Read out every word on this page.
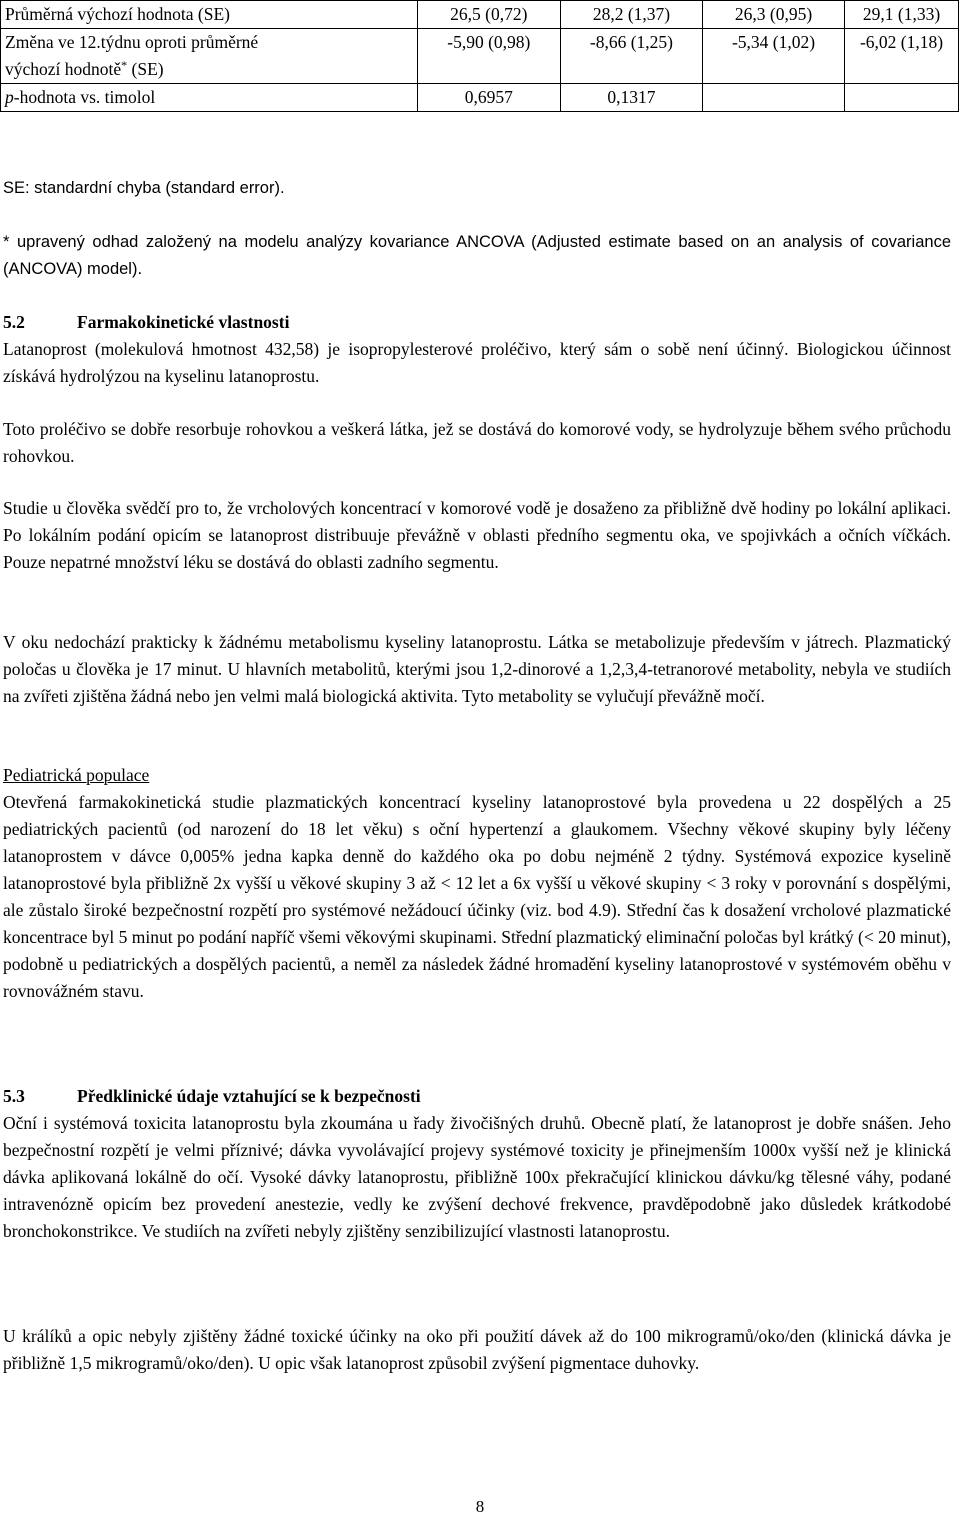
Průměrná výchozí hodnota (SE)	26,5 (0,72)	28,2 (1,37)	26,3 (0,95)	29,1 (1,33)
Změna ve 12.týdnu oproti průměrné
výchozí hodnotě* (SE)	-5,90 (0,98)	-8,66 (1,25)	-5,34 (1,02)	-6,02 (1,18)
p-hodnota vs. timolol	0,6957	0,1317		

SE: standardní chyba (standard error).

* upravený odhad založený na modelu analýzy kovariance ANCOVA (Adjusted estimate based on an analysis of covariance (ANCOVA) model).

5.2	Farmakokinetické vlastnosti

Latanoprost (molekulová hmotnost 432,58) je isopropylesterové proléčivo, který sám o sobě není účinný. Biologickou účinnost získává hydrolýzou na kyselinu latanoprostu.

Toto proléčivo se dobře resorbuje rohovkou a veškerá látka, jež se dostává do komorové vody, se hydrolyzuje během svého průchodu rohovkou.

Studie u člověka svědčí pro to, že vrcholových koncentrací v komorové vodě je dosaženo za přibližně dvě hodiny po lokální aplikaci. Po lokálním podání opicím se latanoprost distribuuje převážně v oblasti předního segmentu oka, ve spojivkách a očních víčkách. Pouze nepatrné množství léku se dostává do oblasti zadního segmentu.

V oku nedochází prakticky k žádnému metabolismu kyseliny latanoprostu. Látka se metabolizuje především v játrech. Plazmatický poločas u člověka je 17 minut. U hlavních metabolitů, kterými jsou 1,2-dinorové a 1,2,3,4-tetranorové metabolity, nebyla ve studiích na zvířeti zjištěna žádná nebo jen velmi malá biologická aktivita. Tyto metabolity se vylučují převážně močí.

Pediatrická populace

Otevřená farmakokinetická studie plazmatických koncentrací kyseliny latanoprostové byla provedena u 22 dospělých a 25 pediatrických pacientů (od narození do 18 let věku) s oční hypertenzí a glaukomem. Všechny věkové skupiny byly léčeny latanoprostem v dávce 0,005% jedna kapka denně do každého oka po dobu nejméně 2 týdny. Systémová expozice kyselině latanoprostové byla přibližně 2x vyšší u věkové skupiny 3 až < 12 let a 6x vyšší u věkové skupiny < 3 roky v porovnání s dospělými, ale zůstalo široké bezpečnostní rozpětí pro systémové nežádoucí účinky (viz. bod 4.9). Střední čas k dosažení vrcholové plazmatické koncentrace byl 5 minut po podání napříč všemi věkovými skupinami. Střední plazmatický eliminační poločas byl krátký (< 20 minut), podobně u pediatrických a dospělých pacientů, a neměl za následek žádné hromadění kyseliny latanoprostové v systémovém oběhu v rovnovážném stavu.

5.3	Předklinické údaje vztahující se k bezpečnosti

Oční i systémová toxicita latanoprostu byla zkoumána u řady živočišných druhů. Obecně platí, že latanoprost je dobře snášen. Jeho bezpečnostní rozpětí je velmi příznivé; dávka vyvolávající projevy systémové toxicity je přinejmenším 1000x vyšší než je klinická dávka aplikovaná lokálně do očí. Vysoké dávky latanoprostu, přibližně 100x překračující klinickou dávku/kg tělesné váhy, podané intravenózně opicím bez provedení anestezie, vedly ke zvýšení dechové frekvence, pravděpodobně jako důsledek krátkodobé bronchokonstrikce. Ve studiích na zvířeti nebyly zjištěny senzibilizující vlastnosti latanoprostu.

U králíků a opic nebyly zjištěny žádné toxické účinky na oko při použití dávek až do 100 mikrogramů/oko/den (klinická dávka je přibližně 1,5 mikrogramů/oko/den). U opic však latanoprost způsobil zvýšení pigmentace duhovky.

8
